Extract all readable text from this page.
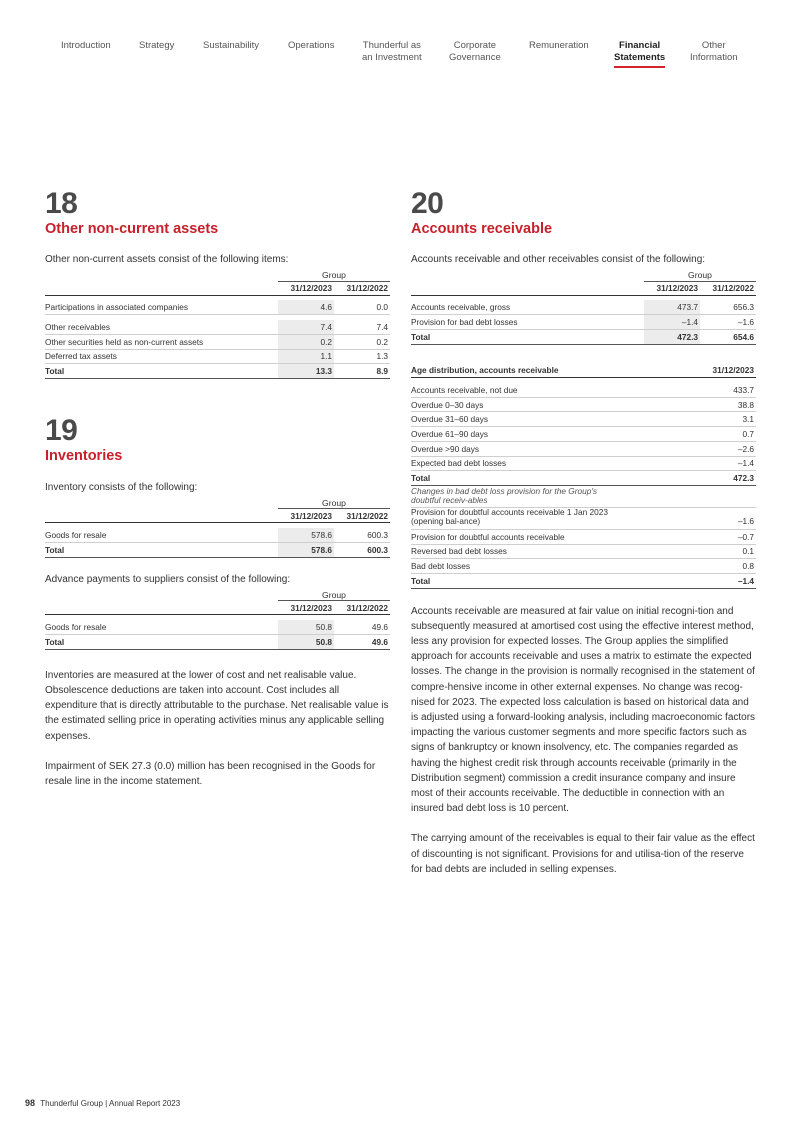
Introduction	Strategy	Sustainability	Operations	Thunderful as
an Investment
Corporate
Governance
Remuneration	Financial
Statements
Other
Information
18
Other non-current assets
Other non-current assets consist of the following items:
	Group	
	31/12/2023	31/12/2022

Participations in associated companies	4.6	0.0

Other receivables	7.4	7.4
Other securities held as non-current assets	0.2	0.2
Deferred tax assets	1.1	1.3
Total	13.3	8.9
19
Inventories
Inventory consists of the following:
	Group	
	31/12/2023	31/12/2022

Goods for resale	578.6	600.3
Total	578.6	600.3
Advance payments to suppliers consist of the following:
	Group	
	31/12/2023	31/12/2022

Goods for resale	50.8	49.6
Total	50.8	49.6

Inventories are measured at the lower of cost and net realisable value. Obsolescence deductions are taken into account. Cost includes all expenditure that is directly attributable to the purchase. Net realisable value is the estimated selling price in operating activities minus any applicable selling expenses.

Impairment of SEK 27.3 (0.0) million has been recognised in the Goods for resale line in the income statement.

20
Accounts receivable
Accounts receivable and other receivables consist of the following:
	Group	
	31/12/2023	31/12/2022

Accounts receivable, gross	473.7	656.3
Provision for bad debt losses	–1.4	–1.6
Total	472.3	654.6
Age distribution, accounts receivable	31/12/2023

Accounts receivable, not due	433.7
Overdue 0–30 days	38.8
Overdue 31–60 days	3.1
Overdue 61–90 days	0.7
Overdue >90 days	–2.6
Expected bad debt losses	–1.4
Total	472.3
Changes in bad debt loss provision for the Group's doubtful receiv-ables	
Provision for doubtful accounts receivable 1 Jan 2023 (opening bal-ance)	–1.6
Provision for doubtful accounts receivable	–0.7
Reversed bad debt losses	0.1
Bad debt losses	0.8
Total	–1.4

Accounts receivable are measured at fair value on initial recogni-tion and subsequently measured at amortised cost using the effective interest method, less any provision for expected losses. The Group applies the simplified approach for accounts receivable and uses a matrix to estimate the expected losses. The change in the provision is normally recognised in the statement of compre-hensive income in other external expenses. No change was recog-nised for 2023. The expected loss calculation is based on historical data and is adjusted using a forward-looking analysis, including macroeconomic factors impacting the various customer segments and more specific factors such as signs of bankruptcy or known insolvency, etc. The companies regarded as having the highest credit risk through accounts receivable (primarily in the Distribution segment) commission a credit insurance company and insure most of their accounts receivable. The deductible in connection with an insured bad debt loss is 10 percent.

The carrying amount of the receivables is equal to their fair value as the effect of discounting is not significant. Provisions for and utilisa-tion of the reserve for bad debts are included in selling expenses.

98 Thunderful Group | Annual Report 2023
